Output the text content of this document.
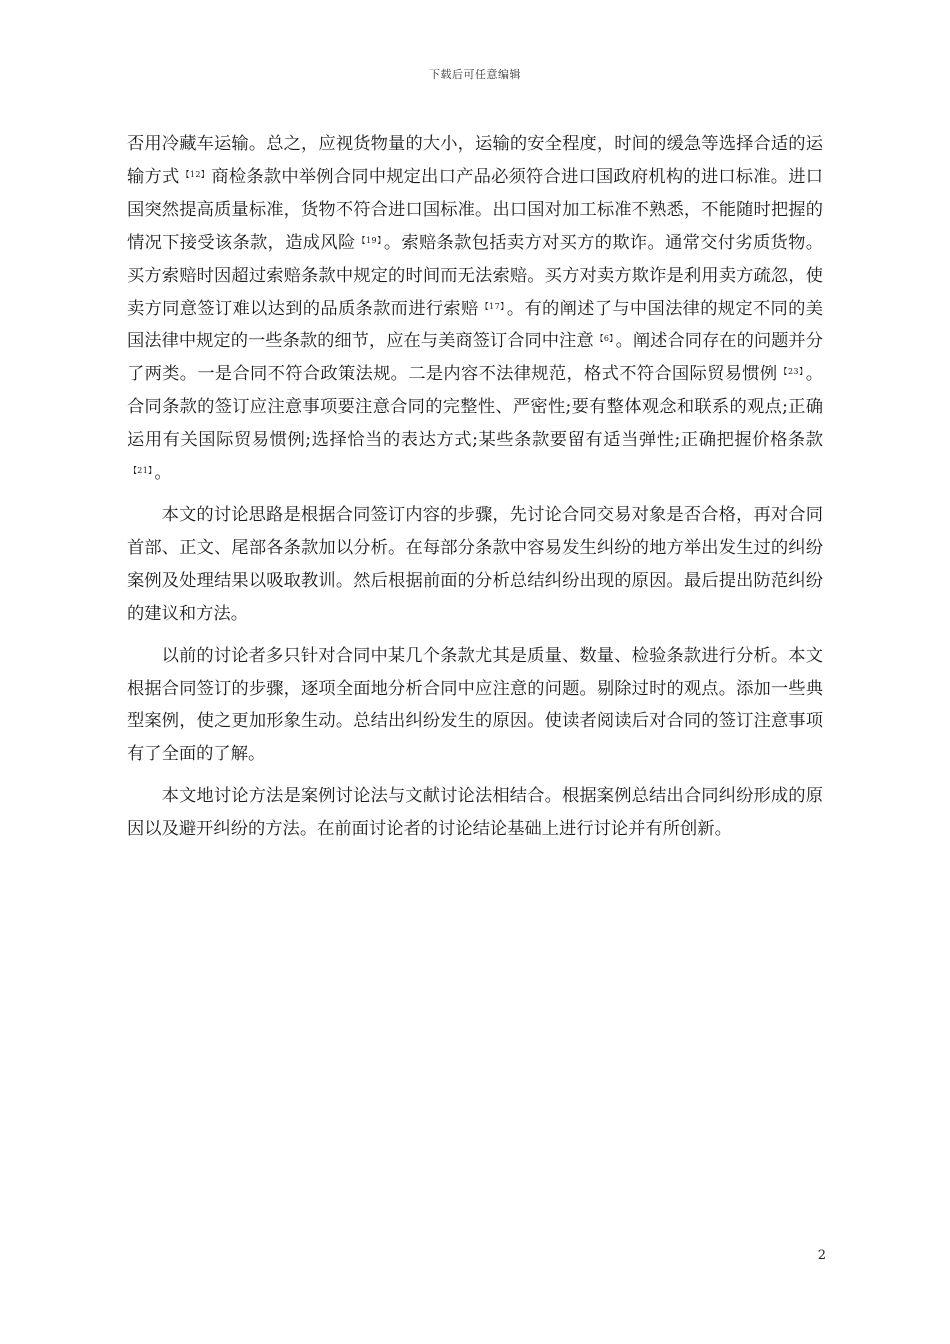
下载后可任意编辑

否用冷藏车运输。总之，应视货物量的大小，运输的安全程度，时间的缓急等选择合适的运输方式 $^{【12】}$ 商检条款中举例合同中规定出口产品必须符合进口国政府机构的进口标准。进口国突然提高质量标准，货物不符合进口国标准。出口国对加工标准不熟悉，不能随时把握的情况下接受该条款，造成风险 $^{【19】}$ 。索赔条款包括卖方对买方的欺诈。通常交付劣质货物。买方索赔时因超过索赔条款中规定的时间而无法索赔。买方对卖方欺诈是利用卖方疏忽，使卖方同意签订难以达到的品质条款而进行索赔 $^{【17】}$ 。有的阐述了与中国法律的规定不同的美国法律中规定的一些条款的细节，应在与美商签订合同中注意 $^{【6】}$ 。阐述合同存在的问题并分了两类。一是合同不符合政策法规。二是内容不法律规范，格式不符合国际贸易惯例 $^{【23】}$ 。合同条款的签订应注意事项要注意合同的完整性、严密性;要有整体观念和联系的观点;正确运用有关国际贸易惯例;选择恰当的表达方式;某些条款要留有适当弹性;正确把握价格条款$^{【21】}$ 。

本文的讨论思路是根据合同签订内容的步骤，先讨论合同交易对象是否合格，再对合同首部、正文、尾部各条款加以分析。在每部分条款中容易发生纠纷的地方举出发生过的纠纷案例及处理结果以吸取教训。然后根据前面的分析总结纠纷出现的原因。最后提出防范纠纷的建议和方法。

以前的讨论者多只针对合同中某几个条款尤其是质量、数量、检验条款进行分析。本文根据合同签订的步骤，逐项全面地分析合同中应注意的问题。剔除过时的观点。添加一些典型案例，使之更加形象生动。总结出纠纷发生的原因。使读者阅读后对合同的签订注意事项有了全面的了解。

本文地讨论方法是案例讨论法与文献讨论法相结合。根据案例总结出合同纠纷形成的原因以及避开纠纷的方法。在前面讨论者的讨论结论基础上进行讨论并有所创新。

2
